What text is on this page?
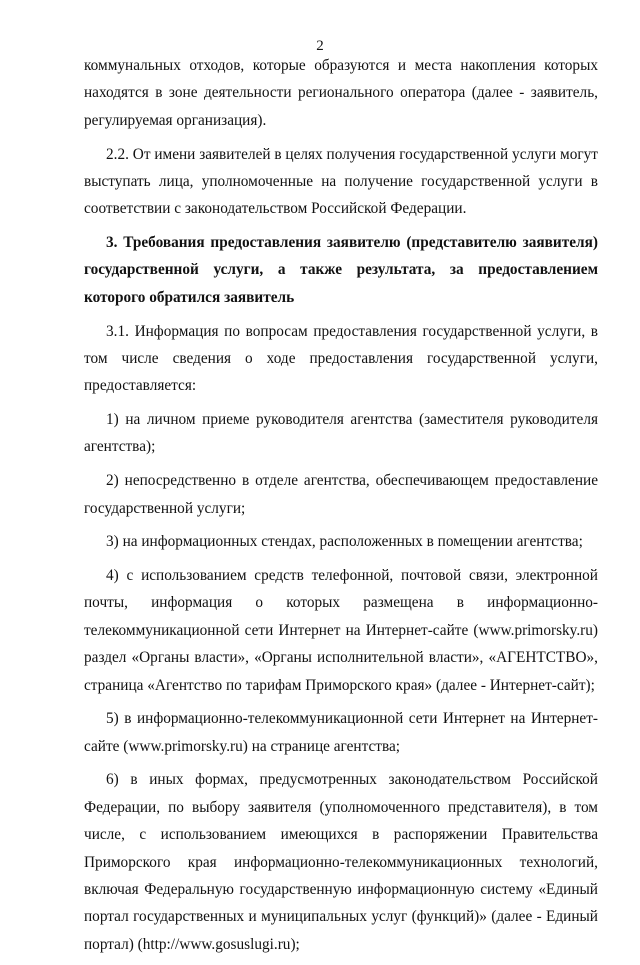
2

коммунальных отходов, которые образуются и места накопления которых находятся в зоне деятельности регионального оператора (далее - заявитель, регулируемая организация).

2.2. От имени заявителей в целях получения государственной услуги могут выступать лица, уполномоченные на получение государственной услуги в соответствии с законодательством Российской Федерации.

3. Требования предоставления заявителю (представителю заявителя) государственной услуги, а также результата, за предоставлением которого обратился заявитель

3.1. Информация по вопросам предоставления государственной услуги, в том числе сведения о ходе предоставления государственной услуги, предоставляется:

1) на личном приеме руководителя агентства (заместителя руководителя агентства);

2) непосредственно в отделе агентства, обеспечивающем предоставление государственной услуги;

3) на информационных стендах, расположенных в помещении агентства;

4) с использованием средств телефонной, почтовой связи, электронной почты, информация о которых размещена в информационно-телекоммуникационной сети Интернет на Интернет-сайте (www.primorsky.ru) раздел «Органы власти», «Органы исполнительной власти», «АГЕНТСТВО», страница «Агентство по тарифам Приморского края» (далее - Интернет-сайт);

5) в информационно-телекоммуникационной сети Интернет на Интернет-сайте (www.primorsky.ru) на странице агентства;

6) в иных формах, предусмотренных законодательством Российской Федерации, по выбору заявителя (уполномоченного представителя), в том числе, с использованием имеющихся в распоряжении Правительства Приморского края информационно-телекоммуникационных технологий, включая Федеральную государственную информационную систему «Единый портал государственных и муниципальных услуг (функций)» (далее - Единый портал) (http://www.gosuslugi.ru);
